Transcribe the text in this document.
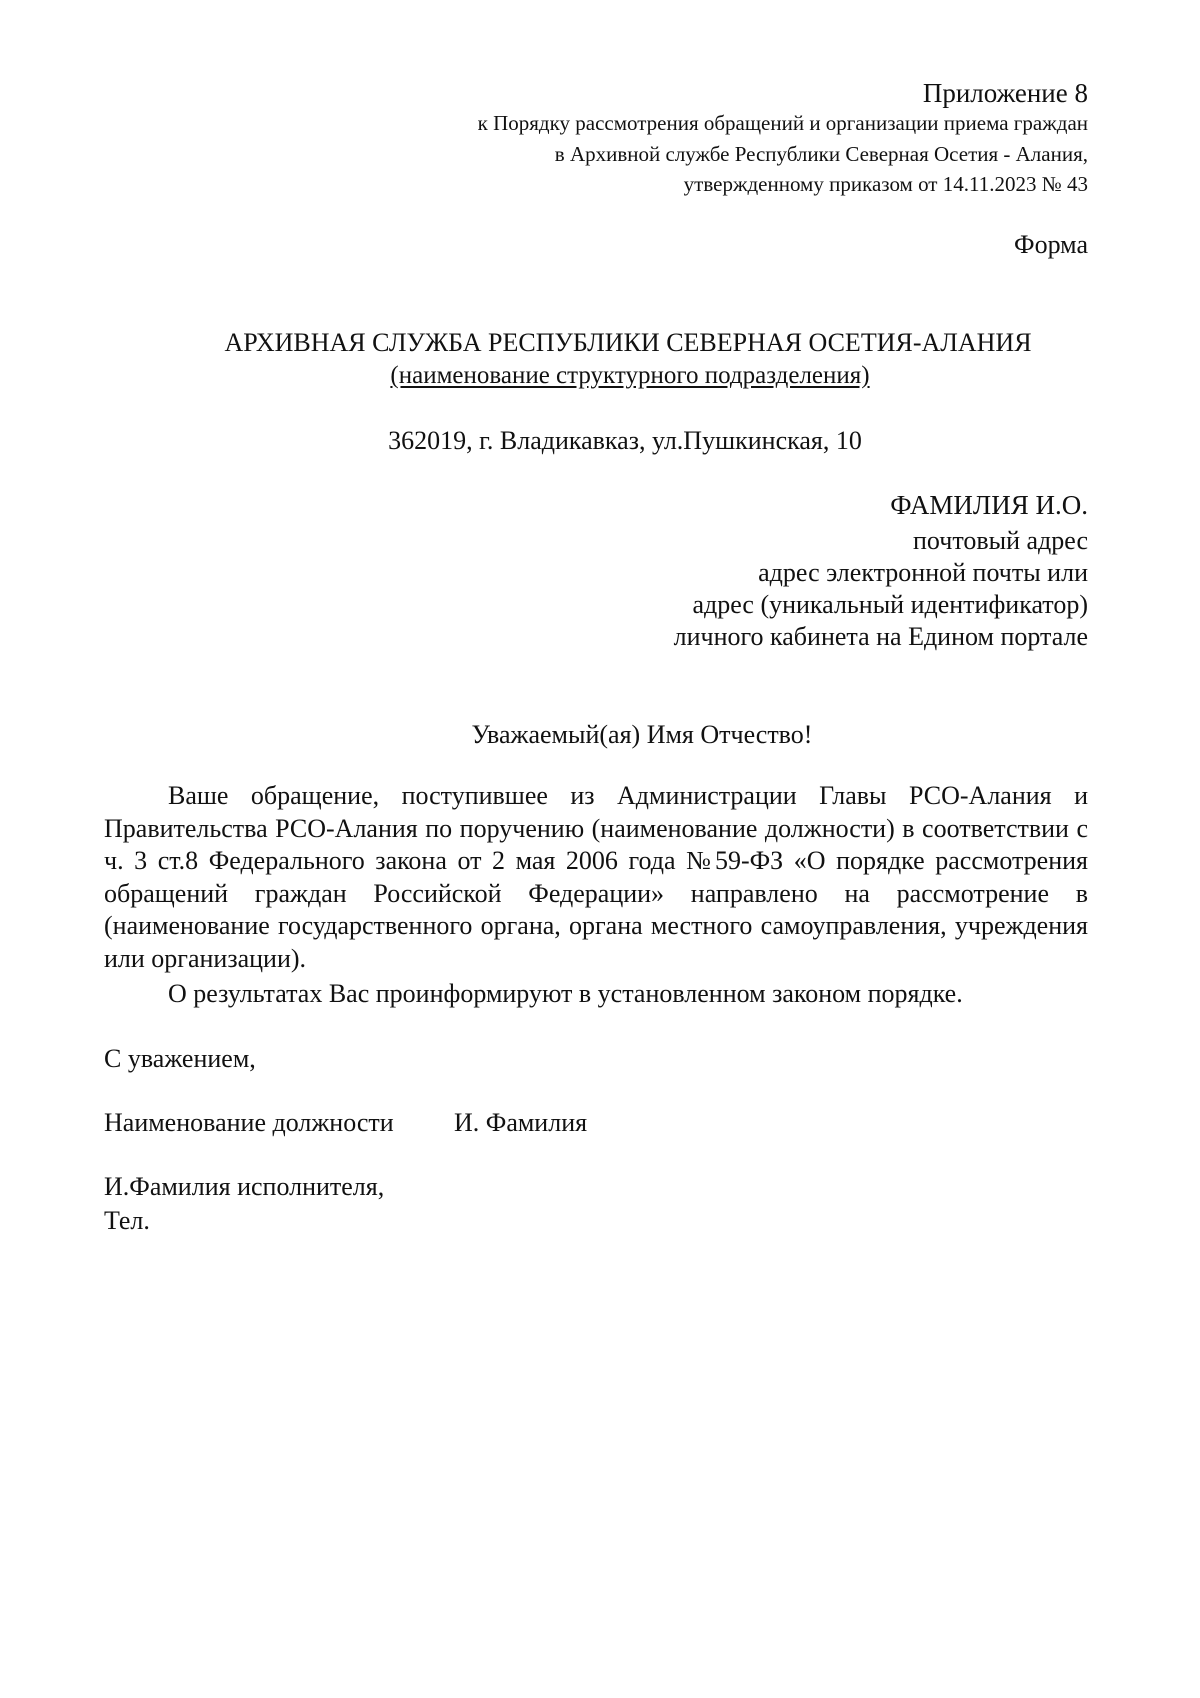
Приложение 8
к Порядку рассмотрения обращений и организации приема граждан
в Архивной службе Республики Северная Осетия - Алания,
утвержденному приказом от 14.11.2023 № 43
Форма
АРХИВНАЯ СЛУЖБА РЕСПУБЛИКИ СЕВЕРНАЯ ОСЕТИЯ-АЛАНИЯ
(наименование структурного подразделения)
362019, г. Владикавказ, ул.Пушкинская, 10
ФАМИЛИЯ И.О.
почтовый адрес
адрес электронной почты или
адрес (уникальный идентификатор)
личного кабинета на Едином портале
Уважаемый(ая) Имя Отчество!
Ваше обращение, поступившее из Администрации Главы РСО-Алания и Правительства РСО-Алания по поручению (наименование должности) в соответствии с ч. 3 ст.8 Федерального закона от 2 мая 2006 года №59-ФЗ «О порядке рассмотрения обращений граждан Российской Федерации» направлено на рассмотрение в (наименование государственного органа, органа местного самоуправления, учреждения или организации).
О результатах Вас проинформируют в установленном законом порядке.
С уважением,
Наименование должности И. Фамилия
И.Фамилия исполнителя,
Тел.
